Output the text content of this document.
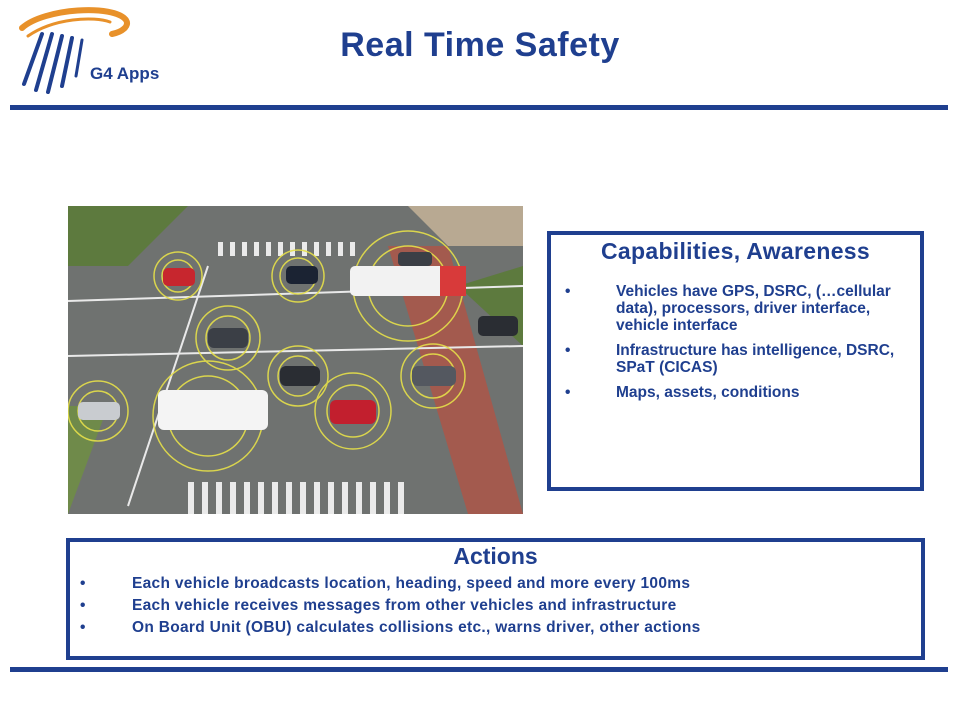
G4 Apps
Real Time Safety
Capabilities, Awareness
•	Vehicles have GPS, DSRC, (…cellular data), processors, driver interface, vehicle interface
•	Infrastructure has intelligence, DSRC, SPaT (CICAS)
•	Maps, assets, conditions
Actions
•	Each vehicle broadcasts location, heading, speed and more every 100ms
•	Each vehicle receives messages from other vehicles and infrastructure
•	On Board Unit (OBU) calculates collisions etc., warns driver, other actions
